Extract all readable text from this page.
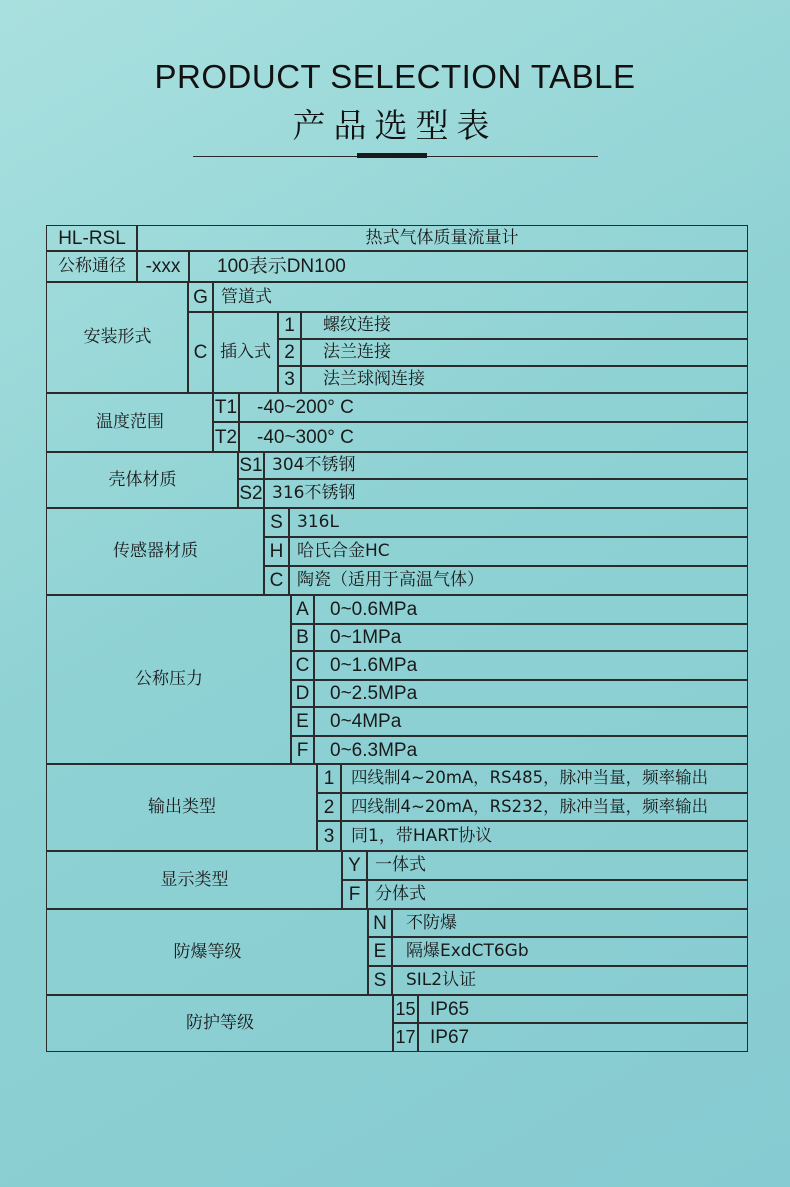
PRODUCT SELECTION TABLE
产品选型表
HL-RSL	热式气体质量流量计
公称通径	-xxx	100表示DN100
安装形式
G 管道式
C 插入式
1	螺纹连接
2	法兰连接
3	法兰球阀连接
温度范围
T1	-40~200° C
T2	-40~300° C
壳体材质
S1 304不锈钢
S2 316不锈钢
传感器材质
S 316L
H 哈氏合金HC
C 陶瓷（适用于高温气体）
公称压力
A	0~0.6MPa
B	0~1MPa
C	0~1.6MPa
D	0~2.5MPa
E	0~4MPa
F	0~6.3MPa
输出类型
1	四线制4~20mA，RS485，脉冲当量，频率输出
2	四线制4~20mA，RS232，脉冲当量，频率输出
3 同1，带HART协议
显示类型
Y 一体式
F 分体式
防爆等级
N	不防爆
E	隔爆ExdCT6Gb
S	SIL2认证
防护等级
15 IP65
17 IP67
